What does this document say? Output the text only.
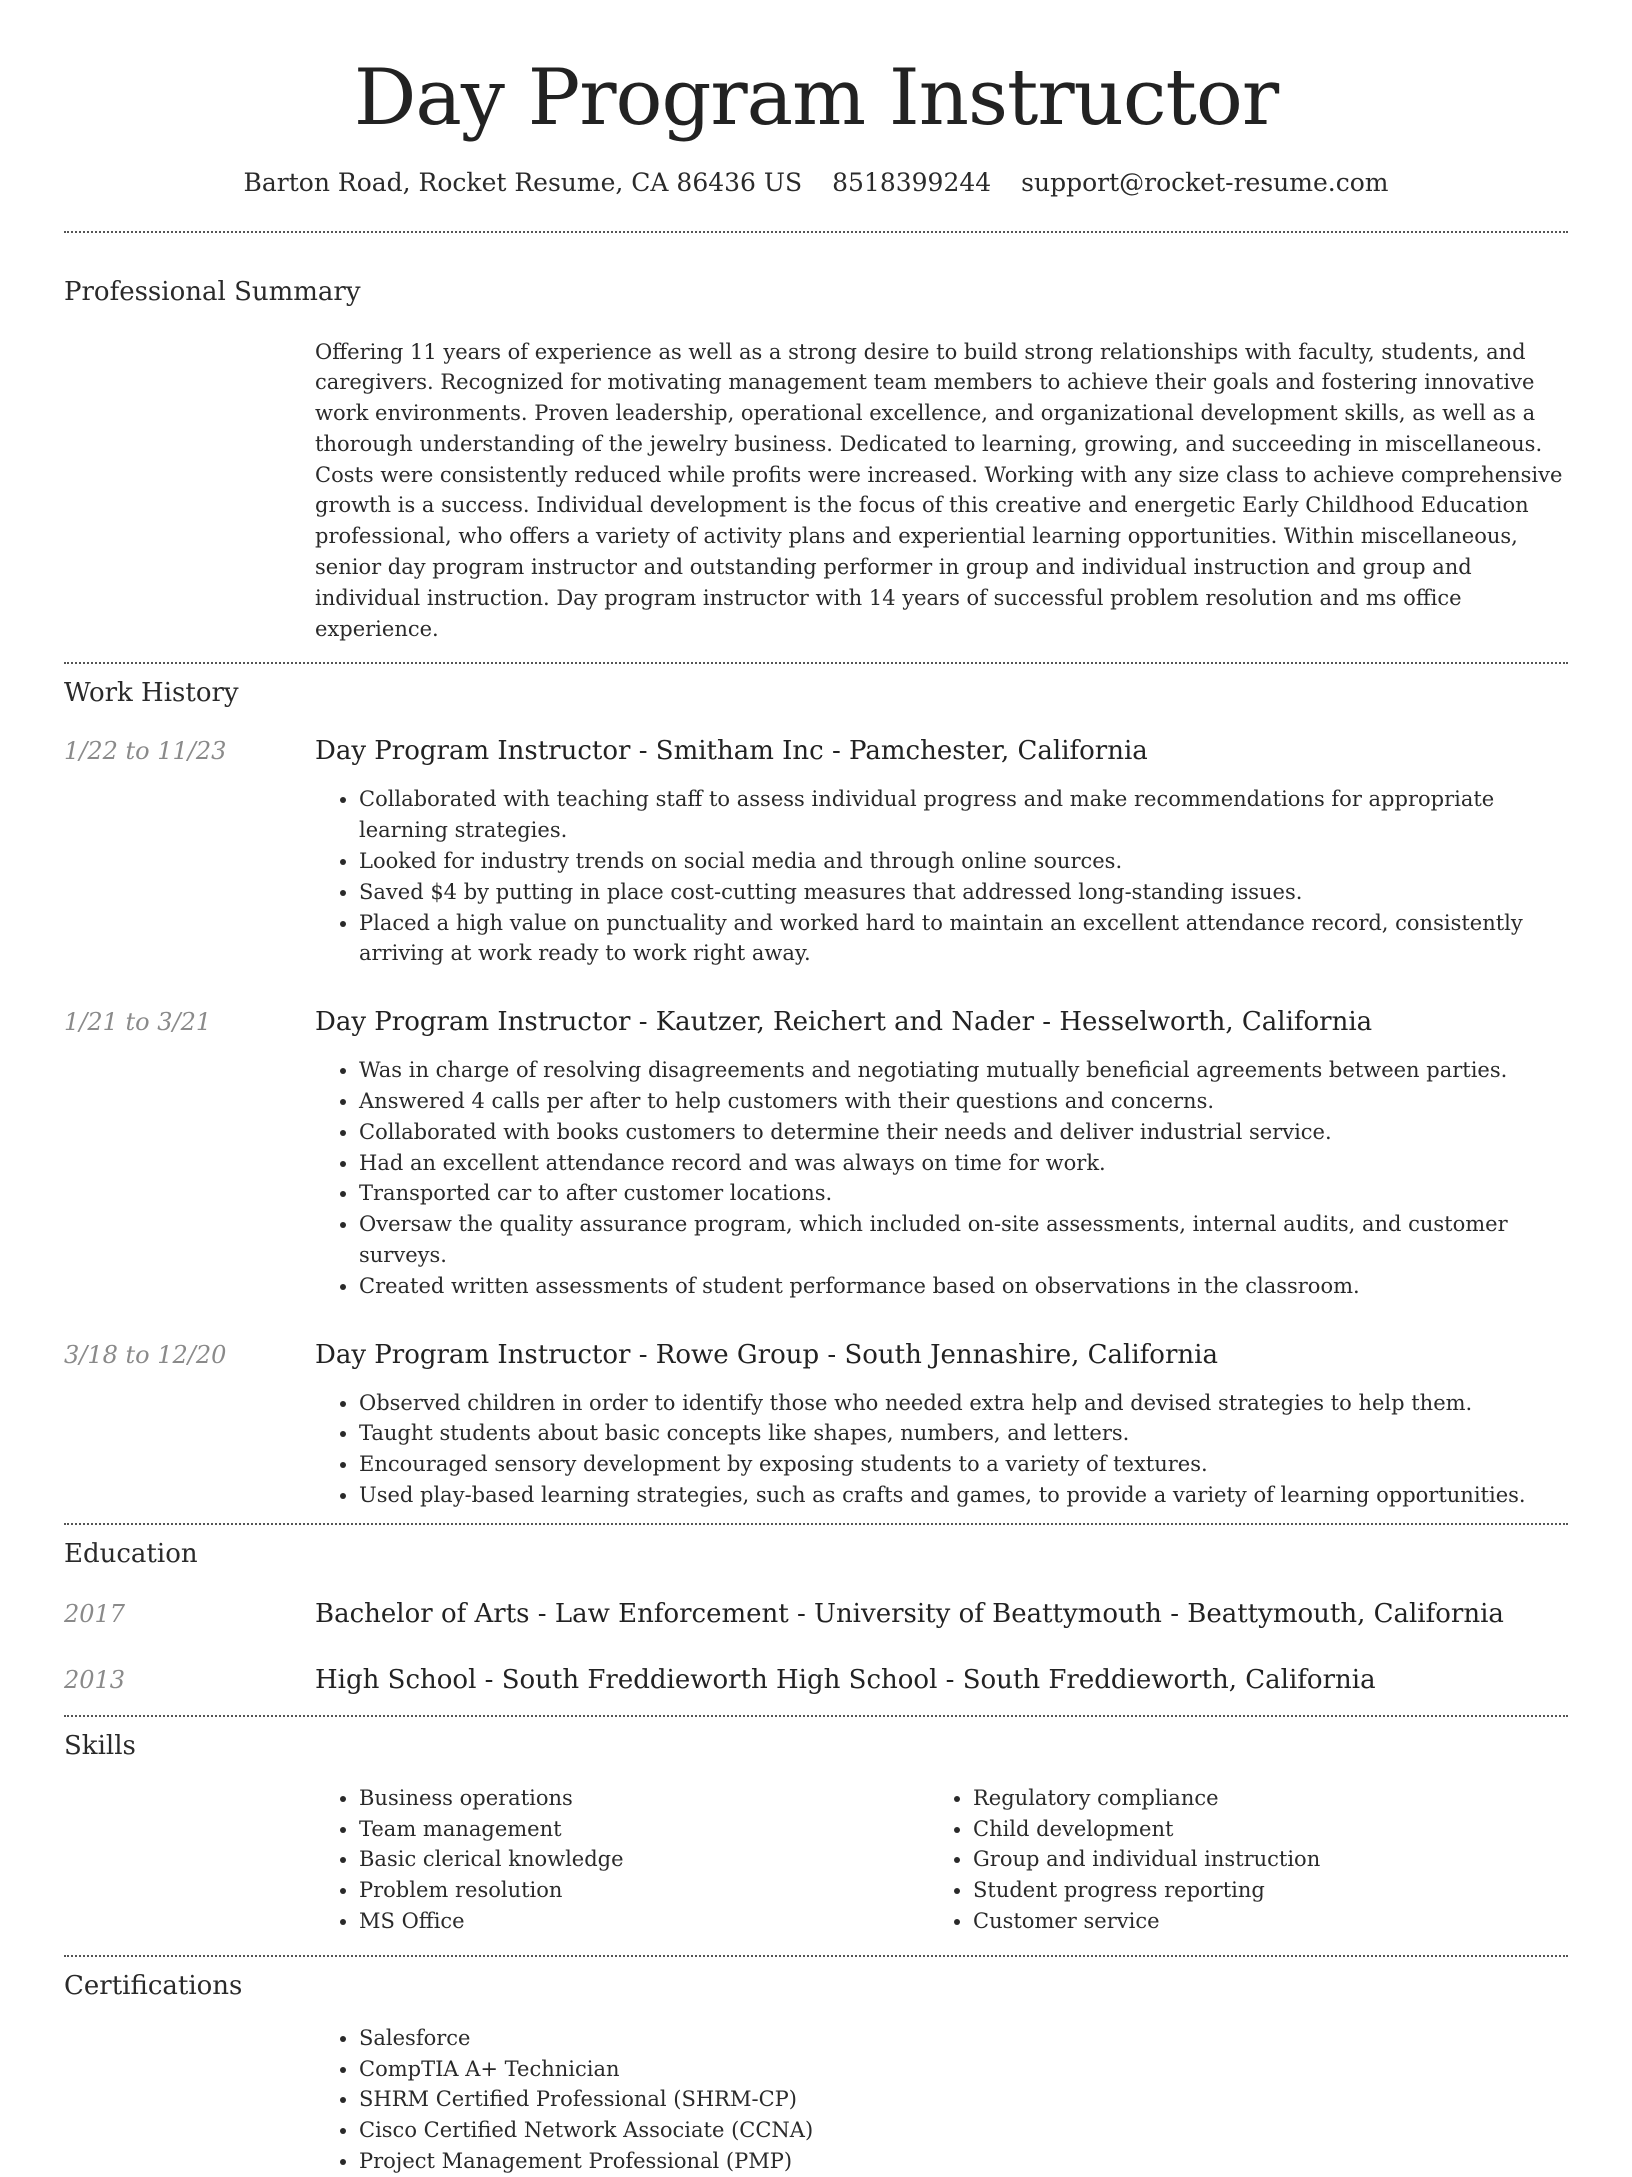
Day Program Instructor
Barton Road, Rocket Resume, CA 86436 US 8518399244 support@rocket-resume.com
Professional Summary

Offering 11 years of experience as well as a strong desire to build strong relationships with faculty, students, and caregivers. Recognized for motivating management team members to achieve their goals and fostering innovative work environments. Proven leadership, operational excellence, and organizational development skills, as well as a thorough understanding of the jewelry business. Dedicated to learning, growing, and succeeding in miscellaneous. Costs were consistently reduced while profits were increased. Working with any size class to achieve comprehensive growth is a success. Individual development is the focus of this creative and energetic Early Childhood Education professional, who offers a variety of activity plans and experiential learning opportunities. Within miscellaneous, senior day program instructor and outstanding performer in group and individual instruction and group and individual instruction. Day program instructor with 14 years of successful problem resolution and ms office experience.

Work History
1/22 to 11/23	Day Program Instructor - Smitham Inc - Pamchester, California
• Collaborated with teaching staff to assess individual progress and make recommendations for appropriate learning strategies.
• Looked for industry trends on social media and through online sources.
• Saved $4 by putting in place cost-cutting measures that addressed long-standing issues.
• Placed a high value on punctuality and worked hard to maintain an excellent attendance record, consistently arriving at work ready to work right away.
1/21 to 3/21	Day Program Instructor - Kautzer, Reichert and Nader - Hesselworth, California
• Was in charge of resolving disagreements and negotiating mutually beneficial agreements between parties.
• Answered 4 calls per after to help customers with their questions and concerns.
• Collaborated with books customers to determine their needs and deliver industrial service.
• Had an excellent attendance record and was always on time for work.
• Transported car to after customer locations.
• Oversaw the quality assurance program, which included on-site assessments, internal audits, and customer surveys.
• Created written assessments of student performance based on observations in the classroom.
3/18 to 12/20	Day Program Instructor - Rowe Group - South Jennashire, California
• Observed children in order to identify those who needed extra help and devised strategies to help them.
• Taught students about basic concepts like shapes, numbers, and letters.
• Encouraged sensory development by exposing students to a variety of textures.
• Used play-based learning strategies, such as crafts and games, to provide a variety of learning opportunities.
Education
2017	Bachelor of Arts - Law Enforcement - University of Beattymouth - Beattymouth, California
2013	High School - South Freddieworth High School - South Freddieworth, California
Skills
• Business operations
• Team management
• Basic clerical knowledge
• Problem resolution
• MS Office
• Regulatory compliance
• Child development
• Group and individual instruction
• Student progress reporting
• Customer service
Certifications
• Salesforce
• CompTIA A+ Technician
• SHRM Certified Professional (SHRM-CP)
• Cisco Certified Network Associate (CCNA)
• Project Management Professional (PMP)
